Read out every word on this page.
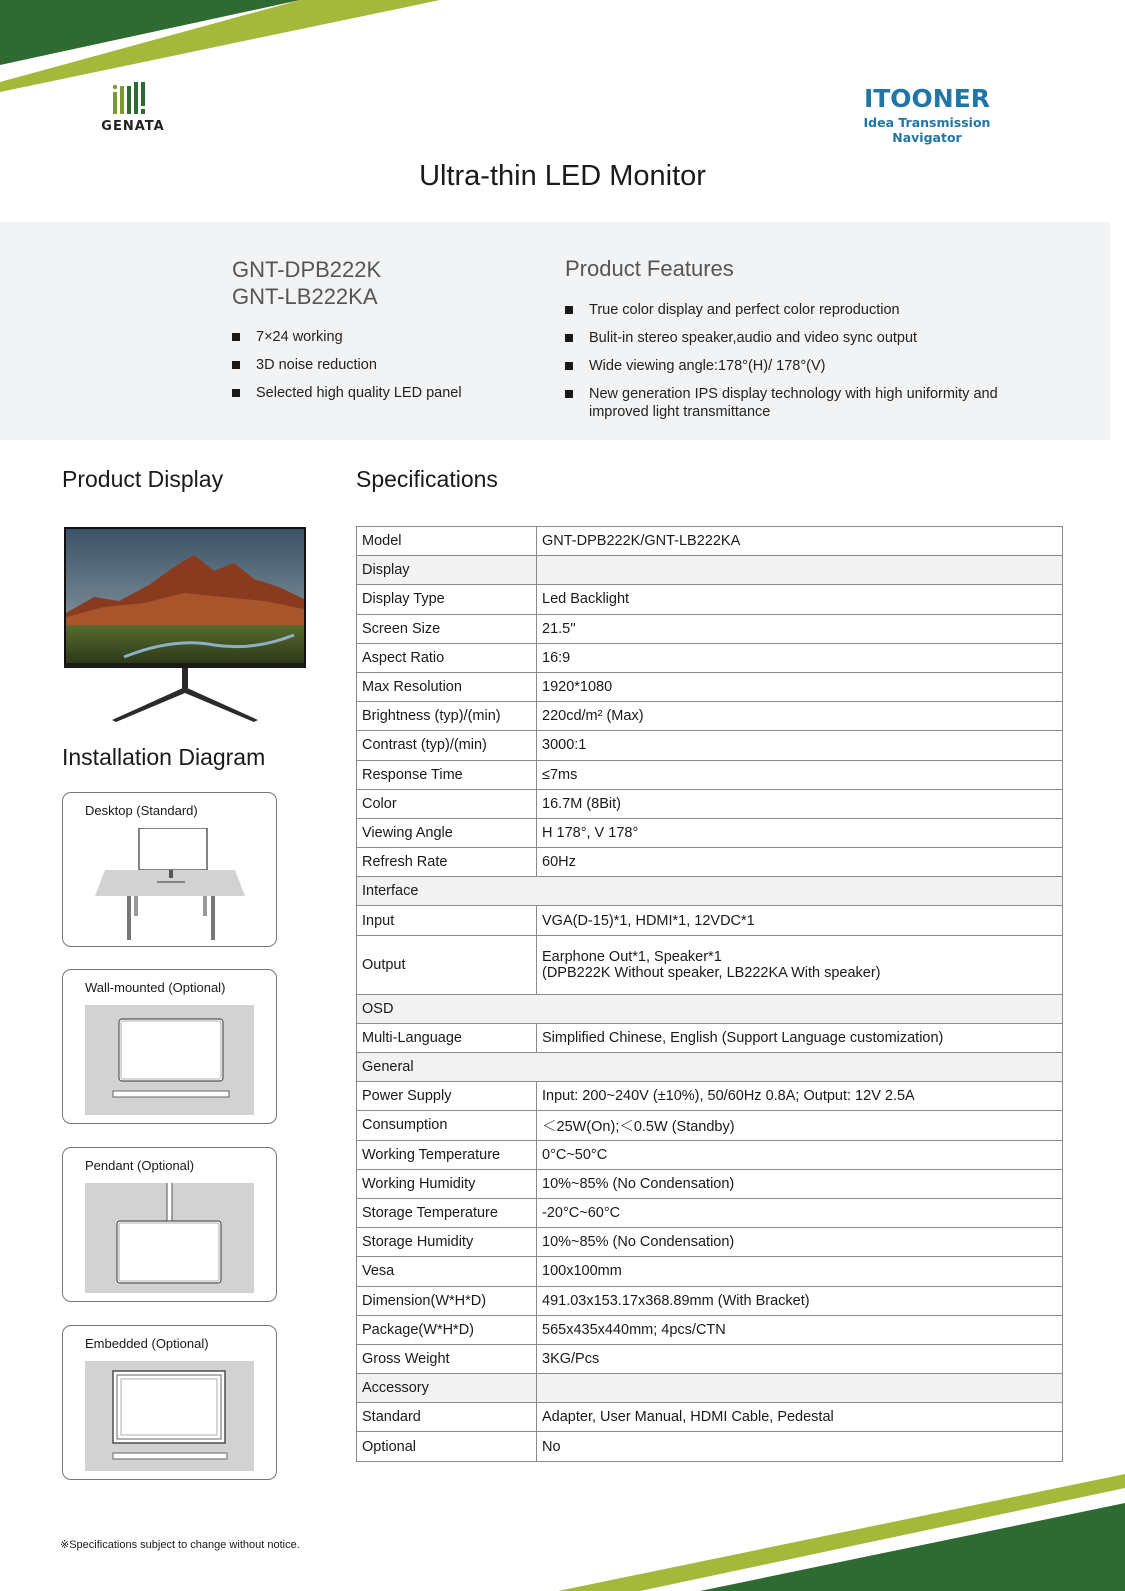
GENATA
ITOONER
Idea Transmission Navigator
Ultra-thin LED Monitor
GNT-DPB222K
GNT-LB222KA
7×24 working
3D noise reduction
Selected high quality LED panel
Product Features
True color display and perfect color reproduction
Bulit-in stereo speaker,audio and video sync output
Wide viewing angle:178°(H)/ 178°(V)
New generation IPS display technology with high uniformity and improved light transmittance
Product Display
Installation Diagram
Desktop (Standard)
Wall-mounted (Optional)
Pendant (Optional)
Embedded (Optional)
Specifications
Model	GNT-DPB222K/GNT-LB222KA
Display	
Display Type	Led Backlight
Screen Size	21.5''
Aspect Ratio	16:9
Max Resolution	1920*1080
Brightness (typ)/(min)	220cd/m² (Max)
Contrast (typ)/(min)	3000:1
Response Time	≤7ms
Color	16.7M (8Bit)
Viewing Angle	H 178°, V 178°
Refresh Rate	60Hz
Interface	
Input	VGA(D-15)*1, HDMI*1, 12VDC*1
Output	Earphone Out*1, Speaker*1
(DPB222K Without speaker, LB222KA With speaker)

OSD	
Multi-Language	Simplified Chinese, English (Support Language customization)
General	
Power Supply	Input: 200~240V (±10%), 50/60Hz 0.8A; Output: 12V 2.5A
Consumption	＜25W(On);＜0.5W (Standby)
Working Temperature	0°C~50°C
Working Humidity	10%~85% (No Condensation)
Storage Temperature	-20°C~60°C
Storage Humidity	10%~85% (No Condensation)
Vesa	100x100mm
Dimension(W*H*D)	491.03x153.17x368.89mm (With Bracket)
Package(W*H*D)	565x435x440mm; 4pcs/CTN
Gross Weight	3KG/Pcs
Accessory	
Standard	Adapter, User Manual, HDMI Cable, Pedestal
Optional	No
※Specifications subject to change without notice.
